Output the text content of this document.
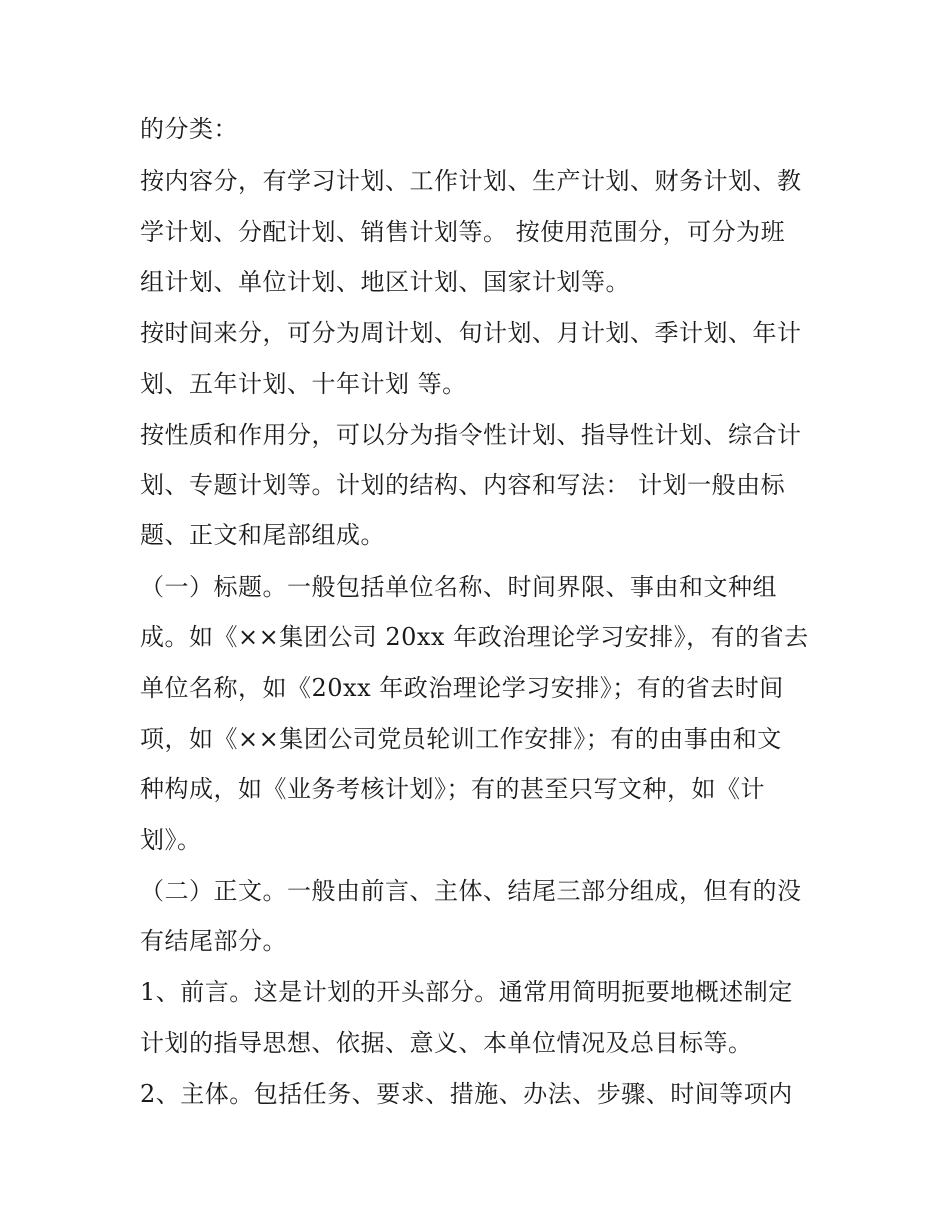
的分类：
按内容分，有学习计划、工作计划、生产计划、财务计划、教
学计划、分配计划、销售计划等。 按使用范围分，可分为班
组计划、单位计划、地区计划、国家计划等。
按时间来分，可分为周计划、旬计划、月计划、季计划、年计
划、五年计划、十年计划 等。
按性质和作用分，可以分为指令性计划、指导性计划、综合计
划、专题计划等。计划的结构、内容和写法： 计划一般由标
题、正文和尾部组成。
（一）标题。一般包括单位名称、时间界限、事由和文种组
成。如《××集团公司 20xx 年政治理论学习安排》，有的省去
单位名称，如《20xx 年政治理论学习安排》；有的省去时间
项，如《××集团公司党员轮训工作安排》；有的由事由和文
种构成，如《业务考核计划》；有的甚至只写文种，如《计
划》。
（二）正文。一般由前言、主体、结尾三部分组成，但有的没
有结尾部分。
1、前言。这是计划的开头部分。通常用简明扼要地概述制定
计划的指导思想、依据、意义、本单位情况及总目标等。
2、主体。包括任务、要求、措施、办法、步骤、时间等项内
